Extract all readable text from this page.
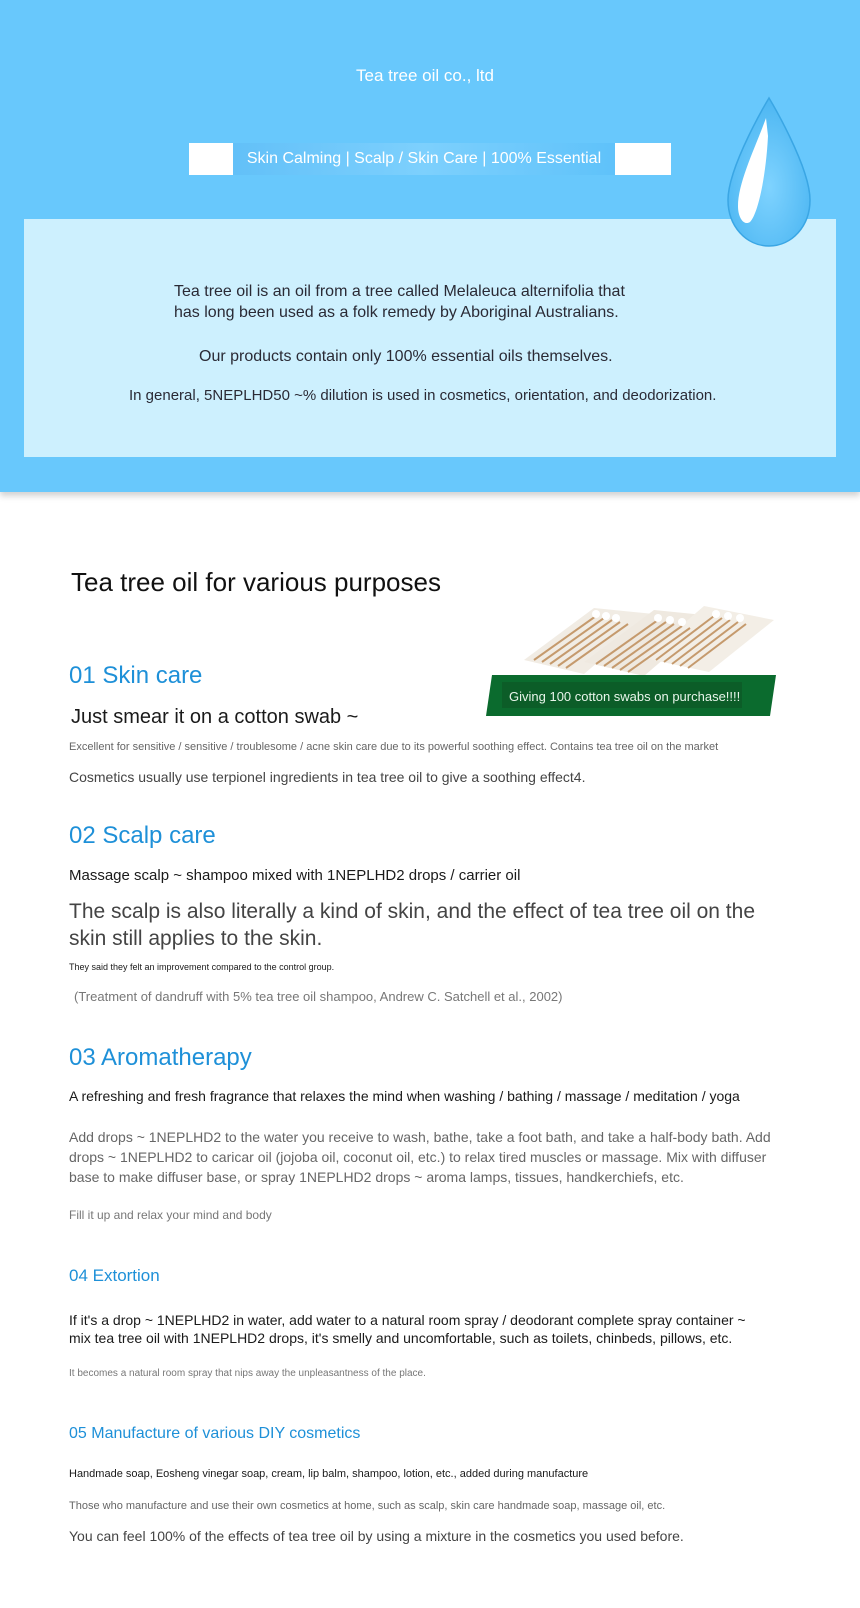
Tea tree oil co., ltd
Skin Calming | Scalp / Skin Care | 100% Essential
Tea tree oil is an oil from a tree called Melaleuca alternifolia that
has long been used as a folk remedy by Aboriginal Australians.
Our products contain only 100% essential oils themselves.
In general, 5NEPLHD50 ~% dilution is used in cosmetics, orientation, and deodorization.
Tea tree oil for various purposes
Giving 100 cotton swabs on purchase!!!!
01 Skin care
Just smear it on a cotton swab ~
Excellent for sensitive / sensitive / troublesome / acne skin care due to its powerful soothing effect. Contains tea tree oil on the market
Cosmetics usually use terpionel ingredients in tea tree oil to give a soothing effect4.
02 Scalp care
Massage scalp ~ shampoo mixed with 1NEPLHD2 drops / carrier oil
The scalp is also literally a kind of skin, and the effect of tea tree oil on the
skin still applies to the skin.
They said they felt an improvement compared to the control group.
(Treatment of dandruff with 5% tea tree oil shampoo, Andrew C. Satchell et al., 2002)
03 Aromatherapy
A refreshing and fresh fragrance that relaxes the mind when washing / bathing / massage / meditation / yoga
Add drops ~ 1NEPLHD2 to the water you receive to wash, bathe, take a foot bath, and take a half-body bath. Add
drops ~ 1NEPLHD2 to caricar oil (jojoba oil, coconut oil, etc.) to relax tired muscles or massage. Mix with diffuser
base to make diffuser base, or spray 1NEPLHD2 drops ~ aroma lamps, tissues, handkerchiefs, etc.
Fill it up and relax your mind and body
04 Extortion
If it's a drop ~ 1NEPLHD2 in water, add water to a natural room spray / deodorant complete spray container ~
mix tea tree oil with 1NEPLHD2 drops, it's smelly and uncomfortable, such as toilets, chinbeds, pillows, etc.
It becomes a natural room spray that nips away the unpleasantness of the place.
05 Manufacture of various DIY cosmetics
Handmade soap, Eosheng vinegar soap, cream, lip balm, shampoo, lotion, etc., added during manufacture
Those who manufacture and use their own cosmetics at home, such as scalp, skin care handmade soap, massage oil, etc.
You can feel 100% of the effects of tea tree oil by using a mixture in the cosmetics you used before.
